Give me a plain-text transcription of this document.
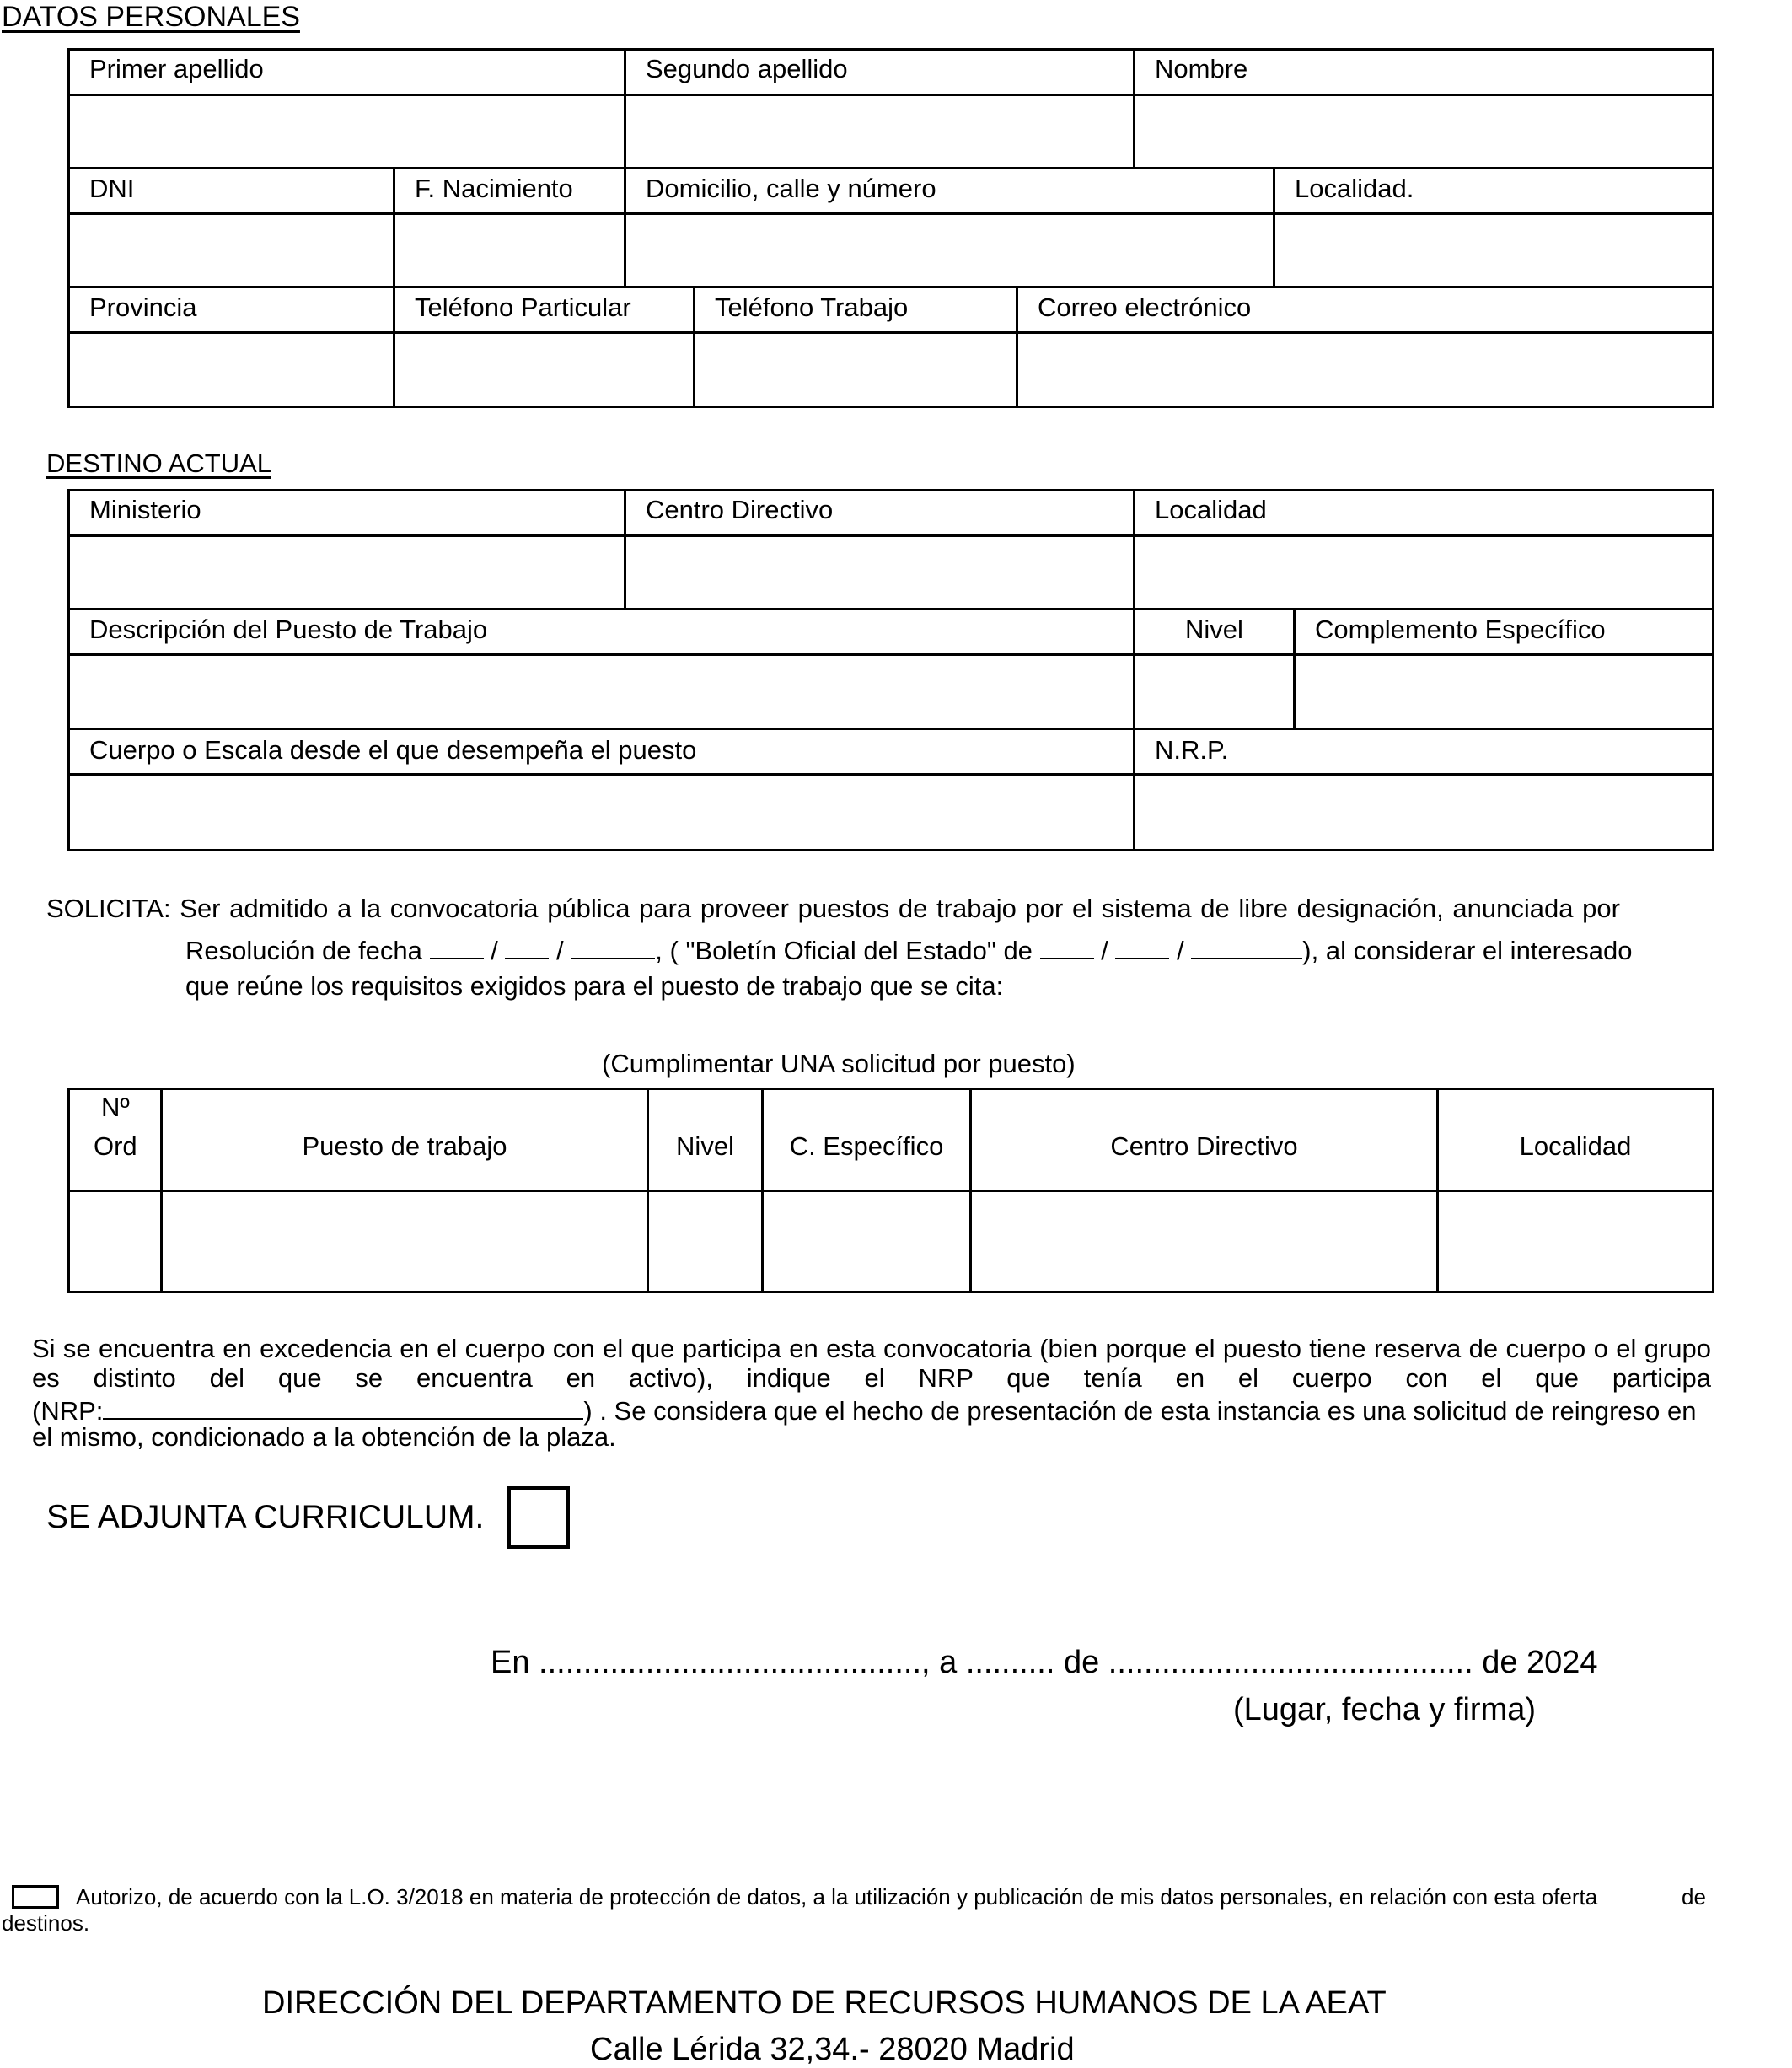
DATOS PERSONALES
Primer apellido	Segundo apellido	Nombre
DNI	F. Nacimiento	Domicilio, calle y número	Localidad.
Provincia	Teléfono Particular	Teléfono Trabajo	Correo electrónico
DESTINO ACTUAL
Ministerio	Centro Directivo	Localidad
Descripción del Puesto de Trabajo	Nivel	Complemento Específico
Cuerpo o Escala desde el que desempeña el puesto	N.R.P.
SOLICITA: Ser admitido a la convocatoria pública para proveer puestos de trabajo por el sistema de libre designación, anunciada por
Resolución de fecha	/ /	, ( "Boletín Oficial del Estado" de	/	/	), al considerar el interesado
que reúne los requisitos exigidos para el puesto de trabajo que se cita:
(Cumplimentar UNA solicitud por puesto)
Nº
Ord	Puesto de trabajo	Nivel	C. Específico	Centro Directivo	Localidad
Si se encuentra en excedencia en el cuerpo con el que participa en esta convocatoria (bien porque el puesto tiene reserva de cuerpo o el grupo
es distinto del que se encuentra en activo), indique el NRP que tenía en el cuerpo con el que participa
(NRP:	) . Se considera que el hecho de presentación de esta instancia es una solicitud de reingreso en
el mismo, condicionado a la obtención de la plaza.
SE ADJUNTA CURRICULUM.
En ..........................................., a .......... de ......................................... de 2024
(Lugar, fecha y firma)
Autorizo, de acuerdo con la L.O. 3/2018 en materia de protección de datos, a la utilización y publicación de mis datos personales, en relación con esta oferta	de
destinos.
DIRECCIÓN DEL DEPARTAMENTO DE RECURSOS HUMANOS DE LA AEAT
Calle Lérida 32,34.- 28020 Madrid
